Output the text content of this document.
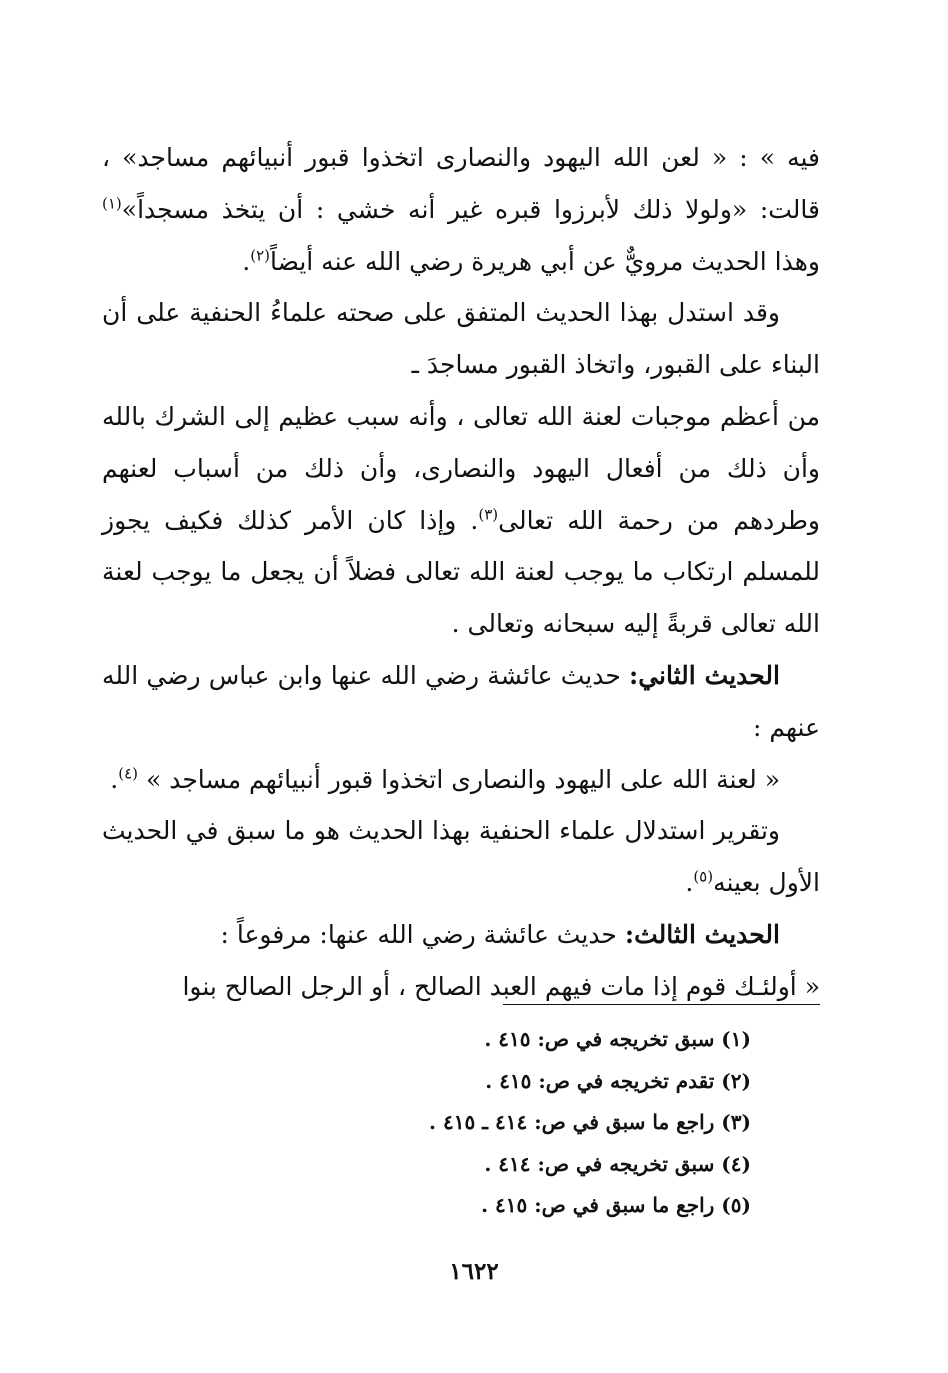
فيه » : « لعن الله اليهود والنصارى اتخذوا قبور أنبيائهم مساجد» ، قالت: «ولولا ذلك لأبرزوا قبره غير أنه خشي : أن يتخذ مسجداً»$^{(١)}$ وهذا الحديث مرويٌّ عن أبي هريرة رضي الله عنه أيضاً$^{(٢)}$.

وقد استدل بهذا الحديث المتفق على صحته علماءُ الحنفية على أن البناء على القبور، واتخاذ القبور مساجدَ ـ

من أعظم موجبات لعنة الله تعالى ، وأنه سبب عظيم إلى الشرك بالله وأن ذلك من أفعال اليهود والنصارى، وأن ذلك من أسباب لعنهم وطردهم من رحمة الله تعالى$^{(٣)}$. وإذا كان الأمر كذلك فكيف يجوز للمسلم ارتكاب ما يوجب لعنة الله تعالى فضلاً أن يجعل ما يوجب لعنة الله تعالى قربةً إليه سبحانه وتعالى .

الحديث الثاني: حديث عائشة رضي الله عنها وابن عباس رضي الله عنهم :

« لعنة الله على اليهود والنصارى اتخذوا قبور أنبيائهم مساجد » $^{(٤)}$.

وتقرير استدلال علماء الحنفية بهذا الحديث هو ما سبق في الحديث الأول بعينه$^{(٥)}$.

الحديث الثالث: حديث عائشة رضي الله عنها: مرفوعاً :

« أولئـك قوم إذا مات فيهم العبد الصالح ، أو الرجل الصالح بنوا

(١) سبق تخريجه في ص: ٤١٥ .

(٢) تقدم تخريجه في ص: ٤١٥ .

(٣) راجع ما سبق في ص: ٤١٤ ـ ٤١٥ .

(٤) سبق تخريجه في ص: ٤١٤ .

(٥) راجع ما سبق في ص: ٤١٥ .

١٦٢٢
